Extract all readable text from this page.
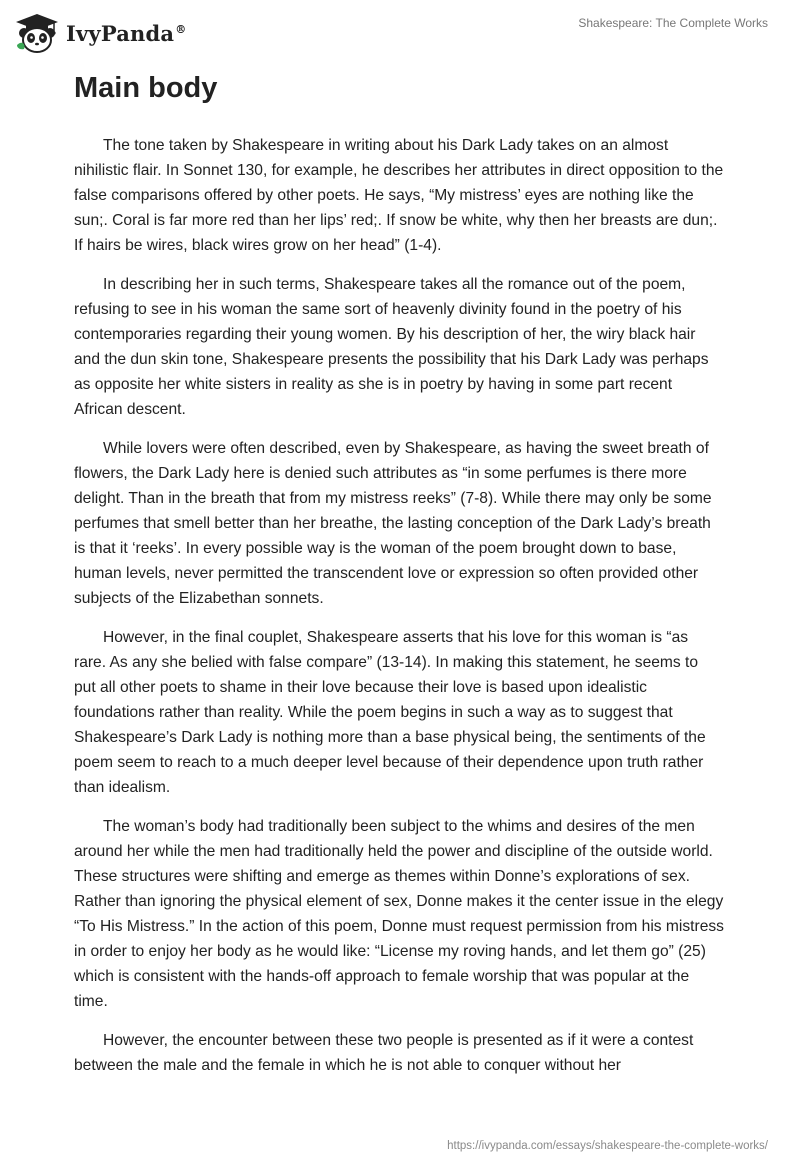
IvyPanda®	Shakespeare: The Complete Works
Main body

The tone taken by Shakespeare in writing about his Dark Lady takes on an almost nihilistic flair. In Sonnet 130, for example, he describes her attributes in direct opposition to the false comparisons offered by other poets. He says, “My mistress’ eyes are nothing like the sun;. Coral is far more red than her lips’ red;. If snow be white, why then her breasts are dun;. If hairs be wires, black wires grow on her head” (1-4).

In describing her in such terms, Shakespeare takes all the romance out of the poem, refusing to see in his woman the same sort of heavenly divinity found in the poetry of his contemporaries regarding their young women. By his description of her, the wiry black hair and the dun skin tone, Shakespeare presents the possibility that his Dark Lady was perhaps as opposite her white sisters in reality as she is in poetry by having in some part recent African descent.

While lovers were often described, even by Shakespeare, as having the sweet breath of flowers, the Dark Lady here is denied such attributes as “in some perfumes is there more delight. Than in the breath that from my mistress reeks” (7-8). While there may only be some perfumes that smell better than her breathe, the lasting conception of the Dark Lady’s breath is that it ‘reeks’. In every possible way is the woman of the poem brought down to base, human levels, never permitted the transcendent love or expression so often provided other subjects of the Elizabethan sonnets.

However, in the final couplet, Shakespeare asserts that his love for this woman is “as rare. As any she belied with false compare” (13-14). In making this statement, he seems to put all other poets to shame in their love because their love is based upon idealistic foundations rather than reality. While the poem begins in such a way as to suggest that Shakespeare’s Dark Lady is nothing more than a base physical being, the sentiments of the poem seem to reach to a much deeper level because of their dependence upon truth rather than idealism.

The woman’s body had traditionally been subject to the whims and desires of the men around her while the men had traditionally held the power and discipline of the outside world. These structures were shifting and emerge as themes within Donne’s explorations of sex. Rather than ignoring the physical element of sex, Donne makes it the center issue in the elegy “To His Mistress.” In the action of this poem, Donne must request permission from his mistress in order to enjoy her body as he would like: “License my roving hands, and let them go” (25) which is consistent with the hands-off approach to female worship that was popular at the time.

However, the encounter between these two people is presented as if it were a contest between the male and the female in which he is not able to conquer without her

https://ivypanda.com/essays/shakespeare-the-complete-works/
